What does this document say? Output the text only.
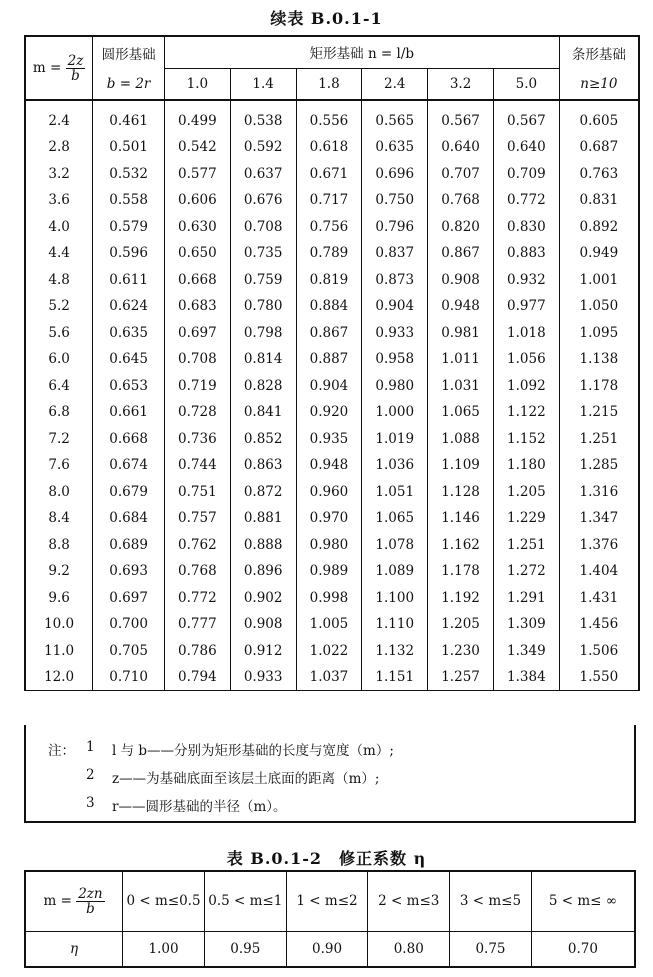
续表 B.0.1-1
$m = \frac{2z}{b}$	圆形基础	矩形基础 n = l/b						条形基础
	b = 2r	1.0	1.4	1.8	2.4	3.2	5.0	n≥10
2.4	0.461	0.499	0.538	0.556	0.565	0.567	0.567	0.605
2.8	0.501	0.542	0.592	0.618	0.635	0.640	0.640	0.687
3.2	0.532	0.577	0.637	0.671	0.696	0.707	0.709	0.763
3.6	0.558	0.606	0.676	0.717	0.750	0.768	0.772	0.831
4.0	0.579	0.630	0.708	0.756	0.796	0.820	0.830	0.892
4.4	0.596	0.650	0.735	0.789	0.837	0.867	0.883	0.949
4.8	0.611	0.668	0.759	0.819	0.873	0.908	0.932	1.001
5.2	0.624	0.683	0.780	0.884	0.904	0.948	0.977	1.050
5.6	0.635	0.697	0.798	0.867	0.933	0.981	1.018	1.095
6.0	0.645	0.708	0.814	0.887	0.958	1.011	1.056	1.138
6.4	0.653	0.719	0.828	0.904	0.980	1.031	1.092	1.178
6.8	0.661	0.728	0.841	0.920	1.000	1.065	1.122	1.215
7.2	0.668	0.736	0.852	0.935	1.019	1.088	1.152	1.251
7.6	0.674	0.744	0.863	0.948	1.036	1.109	1.180	1.285
8.0	0.679	0.751	0.872	0.960	1.051	1.128	1.205	1.316
8.4	0.684	0.757	0.881	0.970	1.065	1.146	1.229	1.347
8.8	0.689	0.762	0.888	0.980	1.078	1.162	1.251	1.376
9.2	0.693	0.768	0.896	0.989	1.089	1.178	1.272	1.404
9.6	0.697	0.772	0.902	0.998	1.100	1.192	1.291	1.431
10.0	0.700	0.777	0.908	1.005	1.110	1.205	1.309	1.456
11.0	0.705	0.786	0.912	1.022	1.132	1.230	1.349	1.506
12.0	0.710	0.794	0.933	1.037	1.151	1.257	1.384	1.550
注： 1 l 与 b——分别为矩形基础的长度与宽度（m）;
2 z——为基础底面至该层土底面的距离（m）;
3 r——圆形基础的半径（m）。
表 B.0.1-2　修正系数 η
$m = \frac{2zn}{b}$	0 < m≤0.5	0.5 < m≤1	1 < m≤2	2 < m≤3	3 < m≤5	5 < m≤ ∞
η	1.00	0.95	0.90	0.80	0.75	0.70
